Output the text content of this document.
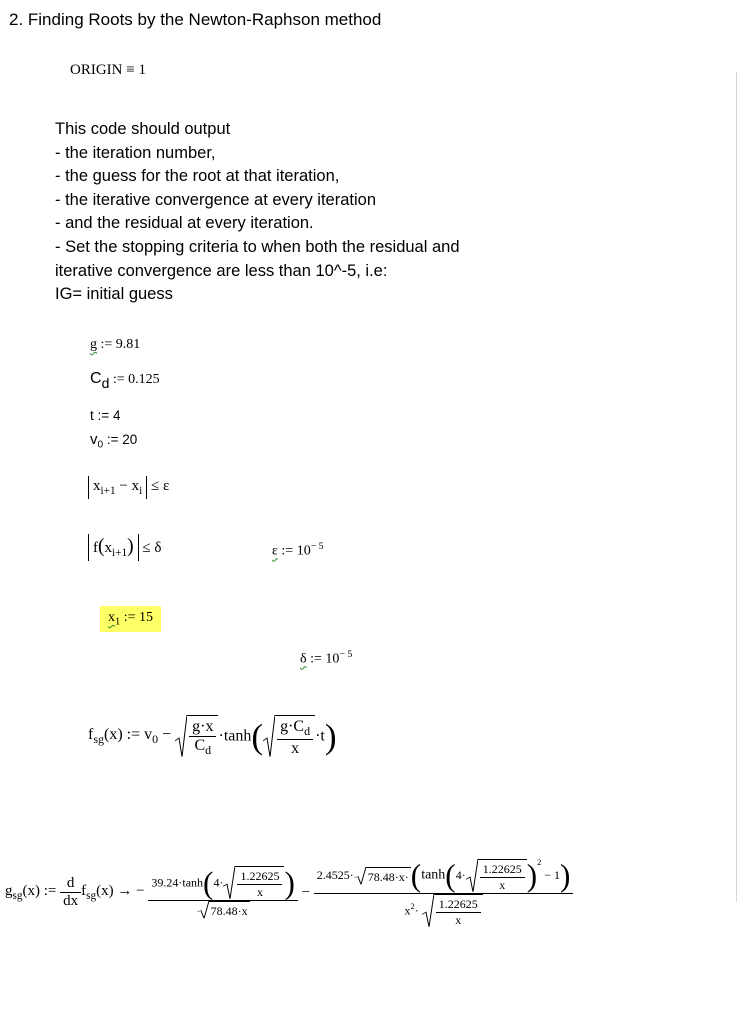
2. Finding Roots by the Newton-Raphson method
ORIGIN ≡ 1
This code should output
- the iteration number,
- the guess for the root at that iteration,
- the iterative convergence at every iteration
- and the residual at every iteration.
- Set the stopping criteria to when both the residual and
iterative convergence are less than 10^-5, i.e:
IG= initial guess
g := 9.81
Cd := 0.125
t := 4
$v_0$ := 20
$x_{i+1} - x_i \le \varepsilon$
$f(x_{i+1}) \le \delta$	ε := $10^{- 5}$
$x_1$ := 15
δ := $10^{- 5}$
$f_{sg}(x)$ := $v_0 - \frac{g\cdot x}{C_d} \cdot\tanh( \frac{g\cdot C_d}{x} \cdot t)$
$g_{sg}(x)$ := $\frac{d}{dx} f_{sg}(x)$ → − $\frac{39.24\cdot\tanh(4\cdot \frac{1.22625}{x} )}{78.48\cdot x}$ −
$2.4525\cdot 78.48\cdot x\cdot(\tanh(4\cdot \frac{1.22625}{x} )^2 - 1)$
$x^2\cdot \frac{1.22625}{x}$
